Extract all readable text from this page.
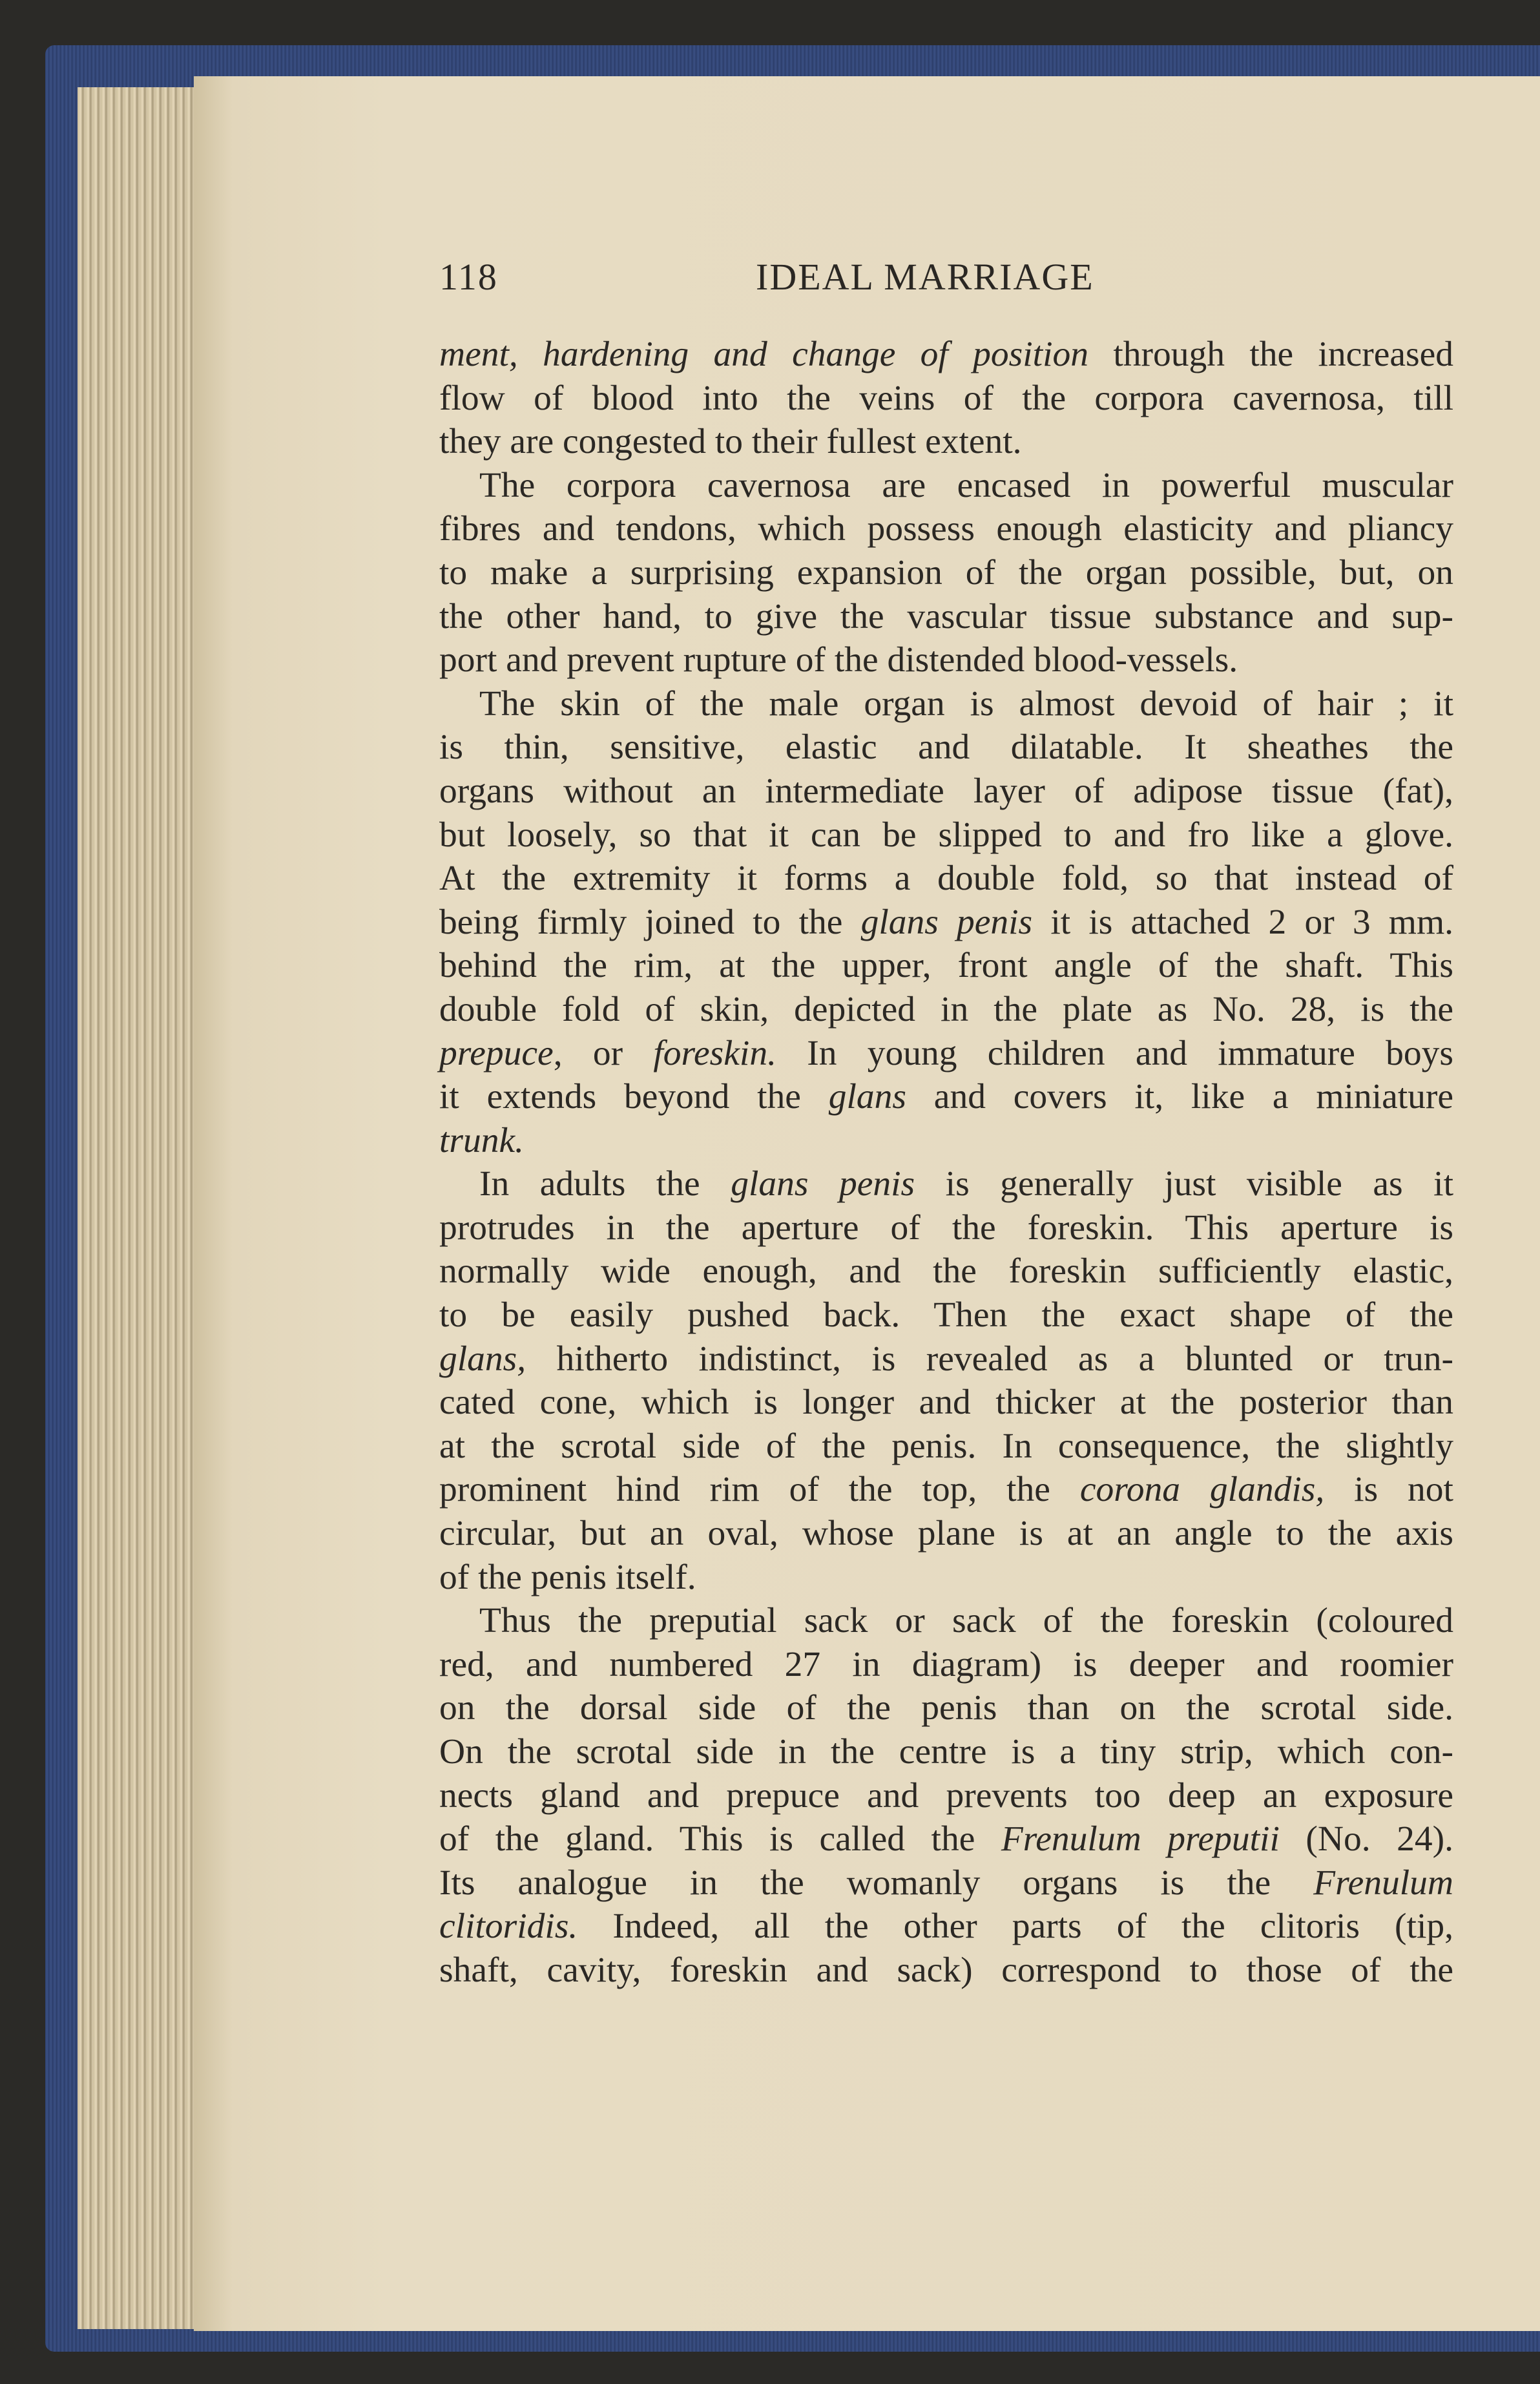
118	IDEAL MARRIAGE
ment, hardening and change of position through the increased
flow of blood into the veins of the corpora cavernosa, till
they are congested to their fullest extent.
The corpora cavernosa are encased in powerful muscular
fibres and tendons, which possess enough elasticity and pliancy
to make a surprising expansion of the organ possible, but, on
the other hand, to give the vascular tissue substance and sup-
port and prevent rupture of the distended blood-vessels.
The skin of the male organ is almost devoid of hair ; it
is thin, sensitive, elastic and dilatable. It sheathes the
organs without an intermediate layer of adipose tissue (fat),
but loosely, so that it can be slipped to and fro like a glove.
At the extremity it forms a double fold, so that instead of
being firmly joined to the glans penis it is attached 2 or 3 mm.
behind the rim, at the upper, front angle of the shaft. This
double fold of skin, depicted in the plate as No. 28, is the
prepuce, or foreskin. In young children and immature boys
it extends beyond the glans and covers it, like a miniature
trunk.
In adults the glans penis is generally just visible as it
protrudes in the aperture of the foreskin. This aperture is
normally wide enough, and the foreskin sufficiently elastic,
to be easily pushed back. Then the exact shape of the
glans, hitherto indistinct, is revealed as a blunted or trun-
cated cone, which is longer and thicker at the posterior than
at the scrotal side of the penis. In consequence, the slightly
prominent hind rim of the top, the corona glandis, is not
circular, but an oval, whose plane is at an angle to the axis
of the penis itself.
Thus the preputial sack or sack of the foreskin (coloured
red, and numbered 27 in diagram) is deeper and roomier
on the dorsal side of the penis than on the scrotal side.
On the scrotal side in the centre is a tiny strip, which con-
nects gland and prepuce and prevents too deep an exposure
of the gland. This is called the Frenulum preputii (No. 24).
Its analogue in the womanly organs is the Frenulum
clitoridis. Indeed, all the other parts of the clitoris (tip,
shaft, cavity, foreskin and sack) correspond to those of the
